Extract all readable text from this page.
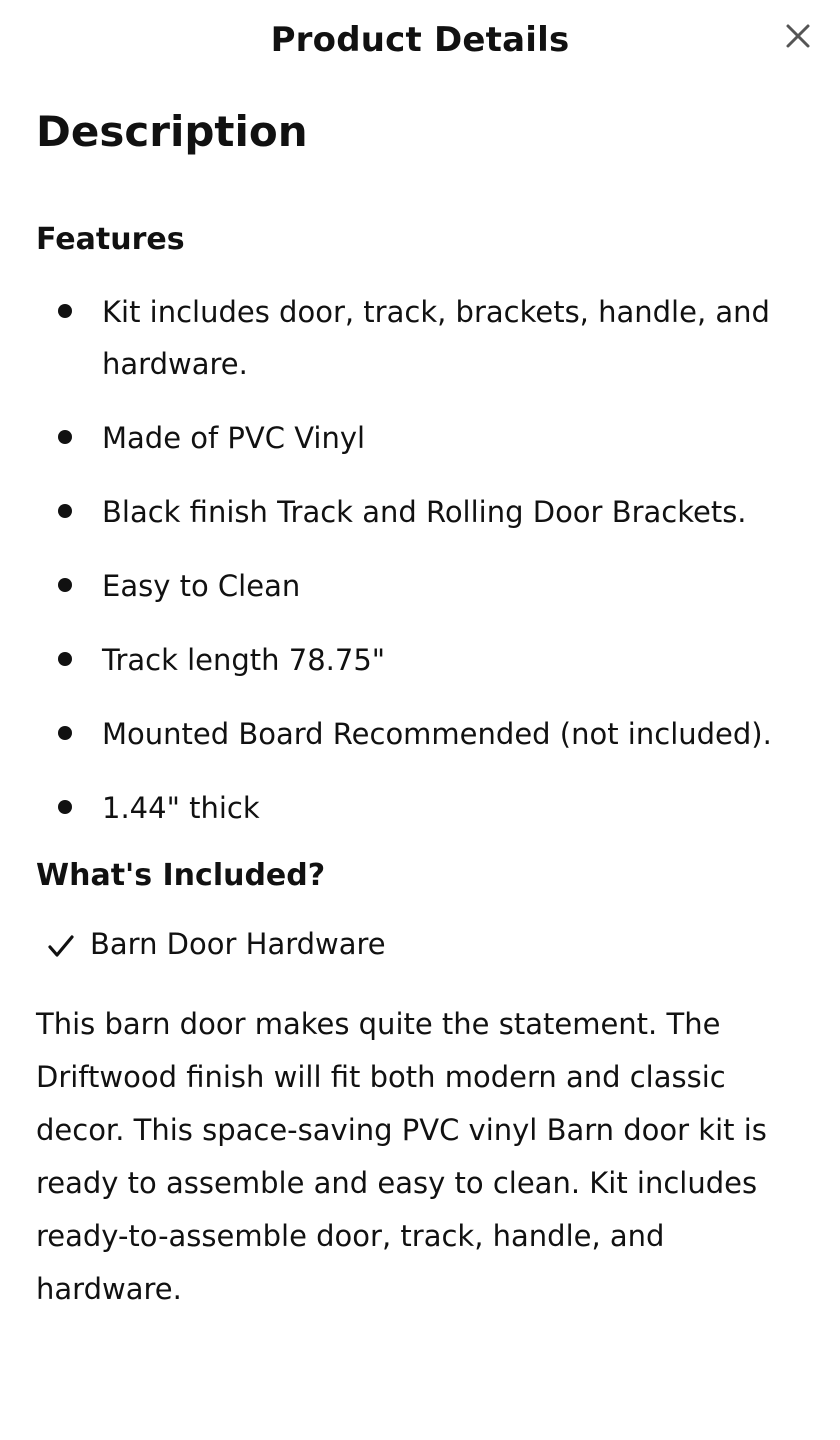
Product Details
Description
Features
Kit includes door, track, brackets, handle, and hardware.
Made of PVC Vinyl
Black finish Track and Rolling Door Brackets.
Easy to Clean
Track length 78.75"
Mounted Board Recommended (not included).
1.44" thick
What's Included?
Barn Door Hardware

This barn door makes quite the statement. The Driftwood finish will fit both modern and classic decor. This space-saving PVC vinyl Barn door kit is ready to assemble and easy to clean. Kit includes ready-to-assemble door, track, handle, and hardware.
